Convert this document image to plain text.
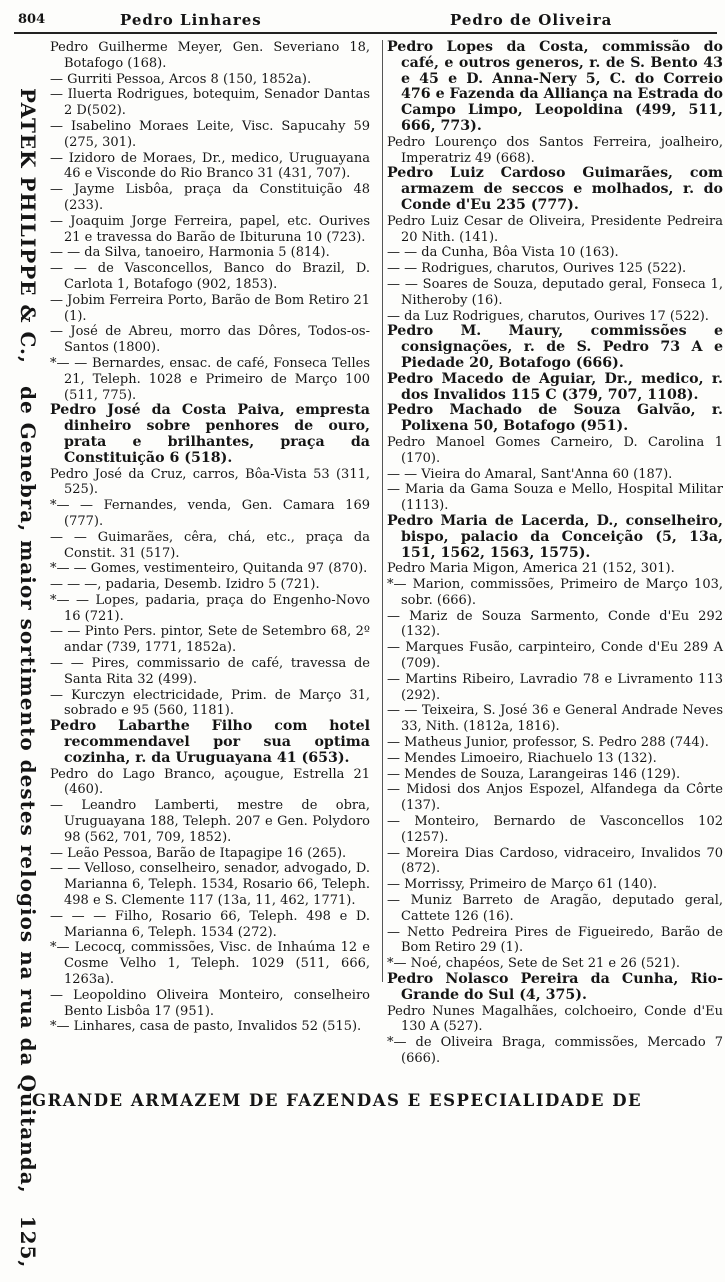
804	Pedro Linhares	Pedro de Oliveira
PATEK PHILIPPE & C., de Genebra, maior sortimento destes relogios na rua da Quitanda, 125,

Pedro Guilherme Meyer, Gen. Severiano 18, Botafogo (168).

— Gurriti Pessoa, Arcos 8 (150, 1852a).

— Iluerta Rodrigues, botequim, Senador Dantas 2 D(502).

— Isabelino Moraes Leite, Visc. Sapucahy 59 (275, 301).

— Izidoro de Moraes, Dr., medico, Uruguayana 46 e Visconde do Rio Branco 31 (431, 707).

— Jayme Lisbôa, praça da Constituição 48 (233).

— Joaquim Jorge Ferreira, papel, etc. Ourives 21 e travessa do Barão de Ibituruna 10 (723).

— — da Silva, tanoeiro, Harmonia 5 (814).

— — de Vasconcellos, Banco do Brazil, D. Carlota 1, Botafogo (902, 1853).

— Jobim Ferreira Porto, Barão de Bom Retiro 21 (1).

— José de Abreu, morro das Dôres, Todos-os-Santos (1800).

*— — Bernardes, ensac. de café, Fonseca Telles 21, Teleph. 1028 e Primeiro de Março 100 (511, 775).

Pedro José da Costa Paiva, empresta dinheiro sobre penhores de ouro, prata e brilhantes, praça da Constituição 6 (518).

Pedro José da Cruz, carros, Bôa-Vista 53 (311, 525).

*— — Fernandes, venda, Gen. Camara 169 (777).

— — Guimarães, cêra, chá, etc., praça da Constit. 31 (517).

*— — Gomes, vestimenteiro, Quitanda 97 (870).

— — —, padaria, Desemb. Izidro 5 (721).

*— — Lopes, padaria, praça do Engenho-Novo 16 (721).

— — Pinto Pers. pintor, Sete de Setembro 68, 2º andar (739, 1771, 1852a).

— — Pires, commissario de café, travessa de Santa Rita 32 (499).

— Kurczyn electricidade, Prim. de Março 31, sobrado e 95 (560, 1181).

Pedro Labarthe Filho com hotel recommendavel por sua optima cozinha, r. da Uruguayana 41 (653).

Pedro do Lago Branco, açougue, Estrella 21 (460).

— Leandro Lamberti, mestre de obra, Uruguayana 188, Teleph. 207 e Gen. Polydoro 98 (562, 701, 709, 1852).

— Leão Pessoa, Barão de Itapagipe 16 (265).

— — Velloso, conselheiro, senador, advogado, D. Marianna 6, Teleph. 1534, Rosario 66, Teleph. 498 e S. Clemente 117 (13a, 11, 462, 1771).

— — — Filho, Rosario 66, Teleph. 498 e D. Marianna 6, Teleph. 1534 (272).

*— Lecocq, commissões, Visc. de Inhaúma 12 e Cosme Velho 1, Teleph. 1029 (511, 666, 1263a).

— Leopoldino Oliveira Monteiro, conselheiro Bento Lisbôa 17 (951).

*— Linhares, casa de pasto, Invalidos 52 (515).

Pedro Lopes da Costa, commissão do café, e outros generos, r. de S. Bento 43 e 45 e D. Anna-Nery 5, C. do Correio 476 e Fazenda da Alliança na Estrada do Campo Limpo, Leopoldina (499, 511, 666, 773).

Pedro Lourenço dos Santos Ferreira, joalheiro, Imperatriz 49 (668).

Pedro Luiz Cardoso Guimarães, com armazem de seccos e molhados, r. do Conde d'Eu 235 (777).

Pedro Luiz Cesar de Oliveira, Presidente Pedreira 20 Nith. (141).

— — da Cunha, Bôa Vista 10 (163).

— — Rodrigues, charutos, Ourives 125 (522).

— — Soares de Souza, deputado geral, Fonseca 1, Nitheroby (16).

— da Luz Rodrigues, charutos, Ourives 17 (522).

Pedro M. Maury, commissões e consignações, r. de S. Pedro 73 A e Piedade 20, Botafogo (666).

Pedro Macedo de Aguiar, Dr., medico, r. dos Invalidos 115 C (379, 707, 1108).

Pedro Machado de Souza Galvão, r. Polixena 50, Botafogo (951).

Pedro Manoel Gomes Carneiro, D. Carolina 1 (170).

— — Vieira do Amaral, Sant'Anna 60 (187).

— Maria da Gama Souza e Mello, Hospital Militar (1113).

Pedro Maria de Lacerda, D., conselheiro, bispo, palacio da Conceição (5, 13a, 151, 1562, 1563, 1575).

Pedro Maria Migon, America 21 (152, 301).

*— Marion, commissões, Primeiro de Março 103, sobr. (666).

— Mariz de Souza Sarmento, Conde d'Eu 292 (132).

— Marques Fusão, carpinteiro, Conde d'Eu 289 A (709).

— Martins Ribeiro, Lavradio 78 e Livramento 113 (292).

— — Teixeira, S. José 36 e General Andrade Neves 33, Nith. (1812a, 1816).

— Matheus Junior, professor, S. Pedro 288 (744).

— Mendes Limoeiro, Riachuelo 13 (132).

— Mendes de Souza, Larangeiras 146 (129).

— Midosi dos Anjos Espozel, Alfandega da Côrte (137).

— Monteiro, Bernardo de Vasconcellos 102 (1257).

— Moreira Dias Cardoso, vidraceiro, Invalidos 70 (872).

— Morrissy, Primeiro de Março 61 (140).

— Muniz Barreto de Aragão, deputado geral, Cattete 126 (16).

— Netto Pedreira Pires de Figueiredo, Barão de Bom Retiro 29 (1).

*— Noé, chapéos, Sete de Set 21 e 26 (521).

Pedro Nolasco Pereira da Cunha, Rio-Grande do Sul (4, 375).

Pedro Nunes Magalhães, colchoeiro, Conde d'Eu 130 A (527).

*— de Oliveira Braga, commissões, Mercado 7 (666).

GRANDE ARMAZEM DE FAZENDAS E ESPECIALIDADE DE
